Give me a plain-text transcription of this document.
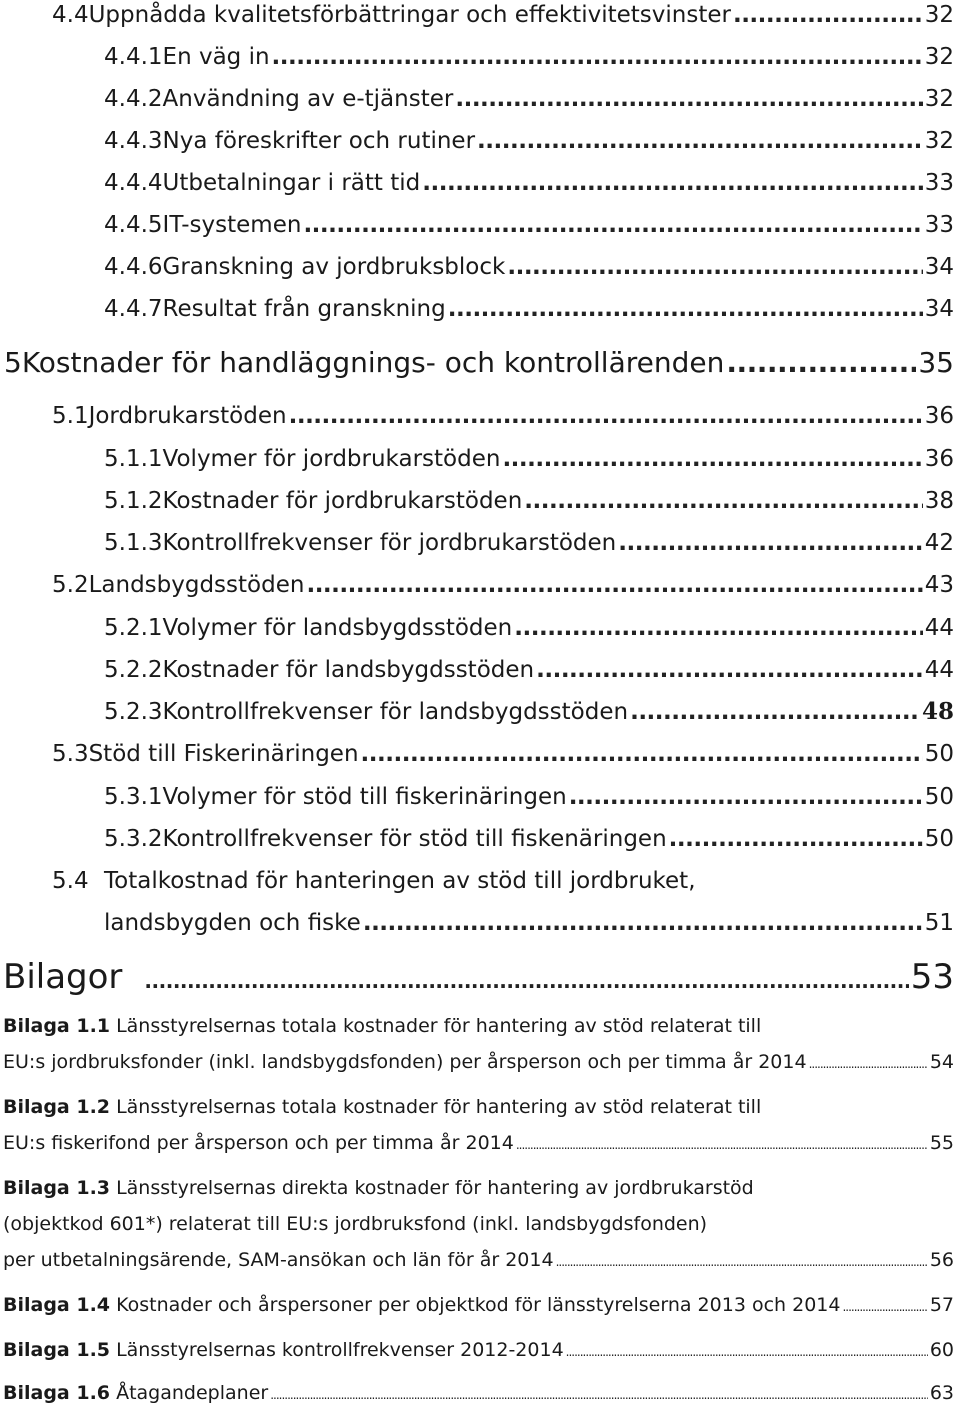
4.4 Uppnådda kvalitetsförbättringar och effektivitetsvinster .....	32
4.4.1 En väg in .....	32
4.4.2 Användning av e-tjänster .....	32
4.4.3 Nya föreskrifter och rutiner .....	32
4.4.4 Utbetalningar i rätt tid .....	33
4.4.5 IT-systemen .....	33
4.4.6 Granskning av jordbruksblock .....	34
4.4.7 Resultat från granskning .....	34
5 Kostnader för handläggnings- och kontrollärenden .....	35
5.1 Jordbrukarstöden .....	36
5.1.1 Volymer för jordbrukarstöden .....	36
5.1.2 Kostnader för jordbrukarstöden .....	38
5.1.3 Kontrollfrekvenser för jordbrukarstöden .....	42
5.2 Landsbygdsstöden .....	43
5.2.1 Volymer för landsbygdsstöden .....	44
5.2.2 Kostnader för landsbygdsstöden .....	44
5.2.3 Kontrollfrekvenser för landsbygdsstöden .....	48
5.3 Stöd till Fiskerinäringen .....	50
5.3.1 Volymer för stöd till fiskerinäringen .....	50
5.3.2 Kontrollfrekvenser för stöd till fiskenäringen .....	50
5.4 Totalkostnad för hanteringen av stöd till jordbruket,
landsbygden och fiske .....	51
Bilagor .....	53
Bilaga 1.1 Länsstyrelsernas totala kostnader för hantering av stöd relaterat till
EU:s jordbruksfonder (inkl. landsbygdsfonden) per årsperson och per timma år 2014 .....	54
Bilaga 1.2 Länsstyrelsernas totala kostnader för hantering av stöd relaterat till
EU:s fiskerifond per årsperson och per timma år 2014 .....	55
Bilaga 1.3 Länsstyrelsernas direkta kostnader för hantering av jordbrukarstöd
(objektkod 601*) relaterat till EU:s jordbruksfond (inkl. landsbygdsfonden)
per utbetalningsärende, SAM-ansökan och län för år 2014 .....	56
Bilaga 1.4 Kostnader och årspersoner per objektkod för länsstyrelserna 2013 och 2014 .....	57
Bilaga 1.5 Länsstyrelsernas kontrollfrekvenser 2012-2014 .....	60
Bilaga 1.6 Åtagandeplaner .....	63
